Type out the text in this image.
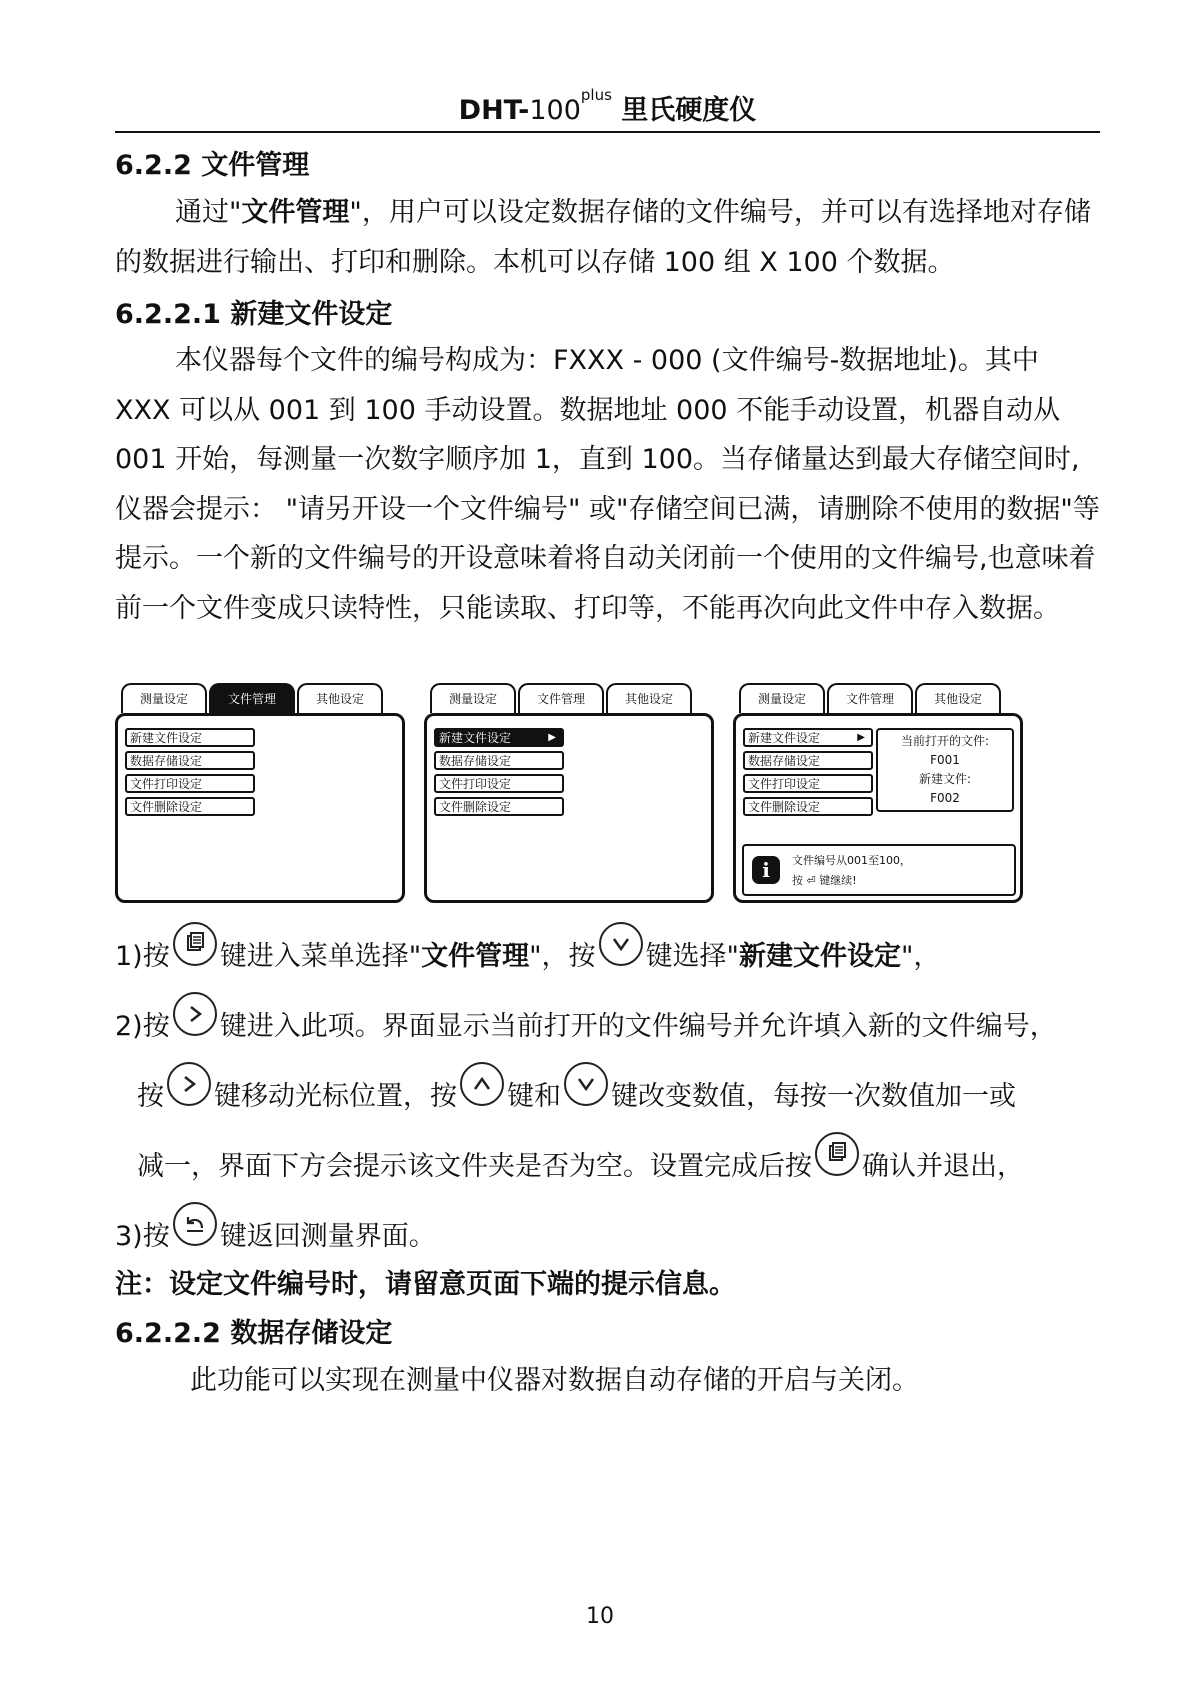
DHT-$100^{plus}$ 里氏硬度仪
6.2.2 文件管理

通过"文件管理"，用户可以设定数据存储的文件编号，并可以有选择地对存储的数据进行输出、打印和删除。本机可以存储 100 组 X 100 个数据。

6.2.2.1 新建文件设定

本仪器每个文件的编号构成为：FXXX - 000 (文件编号-数据地址)。其中 XXX 可以从 001 到 100 手动设置。数据地址 000 不能手动设置，机器自动从 001 开始，每测量一次数字顺序加 1，直到 100。当存储量达到最大存储空间时,仪器会提示： "请另开设一个文件编号" 或"存储空间已满，请删除不使用的数据"等提示。一个新的文件编号的开设意味着将自动关闭前一个使用的文件编号,也意味着前一个文件变成只读特性，只能读取、打印等，不能再次向此文件中存入数据。

测量设定	文件管理	其他设定
新建文件设定
数据存储设定
文件打印设定
文件删除设定
测量设定	文件管理	其他设定
新建文件设定	▶
数据存储设定
文件打印设定
文件删除设定
测量设定	文件管理	其他设定
新建文件设定	▶
数据存储设定
文件打印设定
文件删除设定
当前打开的文件:
F001
新建文件:
F002
i	文件编号从001至100，
按 ⏎ 键继续!
1)按 键进入菜单选择"文件管理"，按 键选择"新建文件设定"，
2)按 键进入此项。界面显示当前打开的文件编号并允许填入新的文件编号，
按 键移动光标位置，按 键和 键改变数值，每按一次数值加一或
减一，界面下方会提示该文件夹是否为空。设置完成后按 确认并退出，
3)按 键返回测量界面。

注：设定文件编号时，请留意页面下端的提示信息。

6.2.2.2 数据存储设定

此功能可以实现在测量中仪器对数据自动存储的开启与关闭。

10
